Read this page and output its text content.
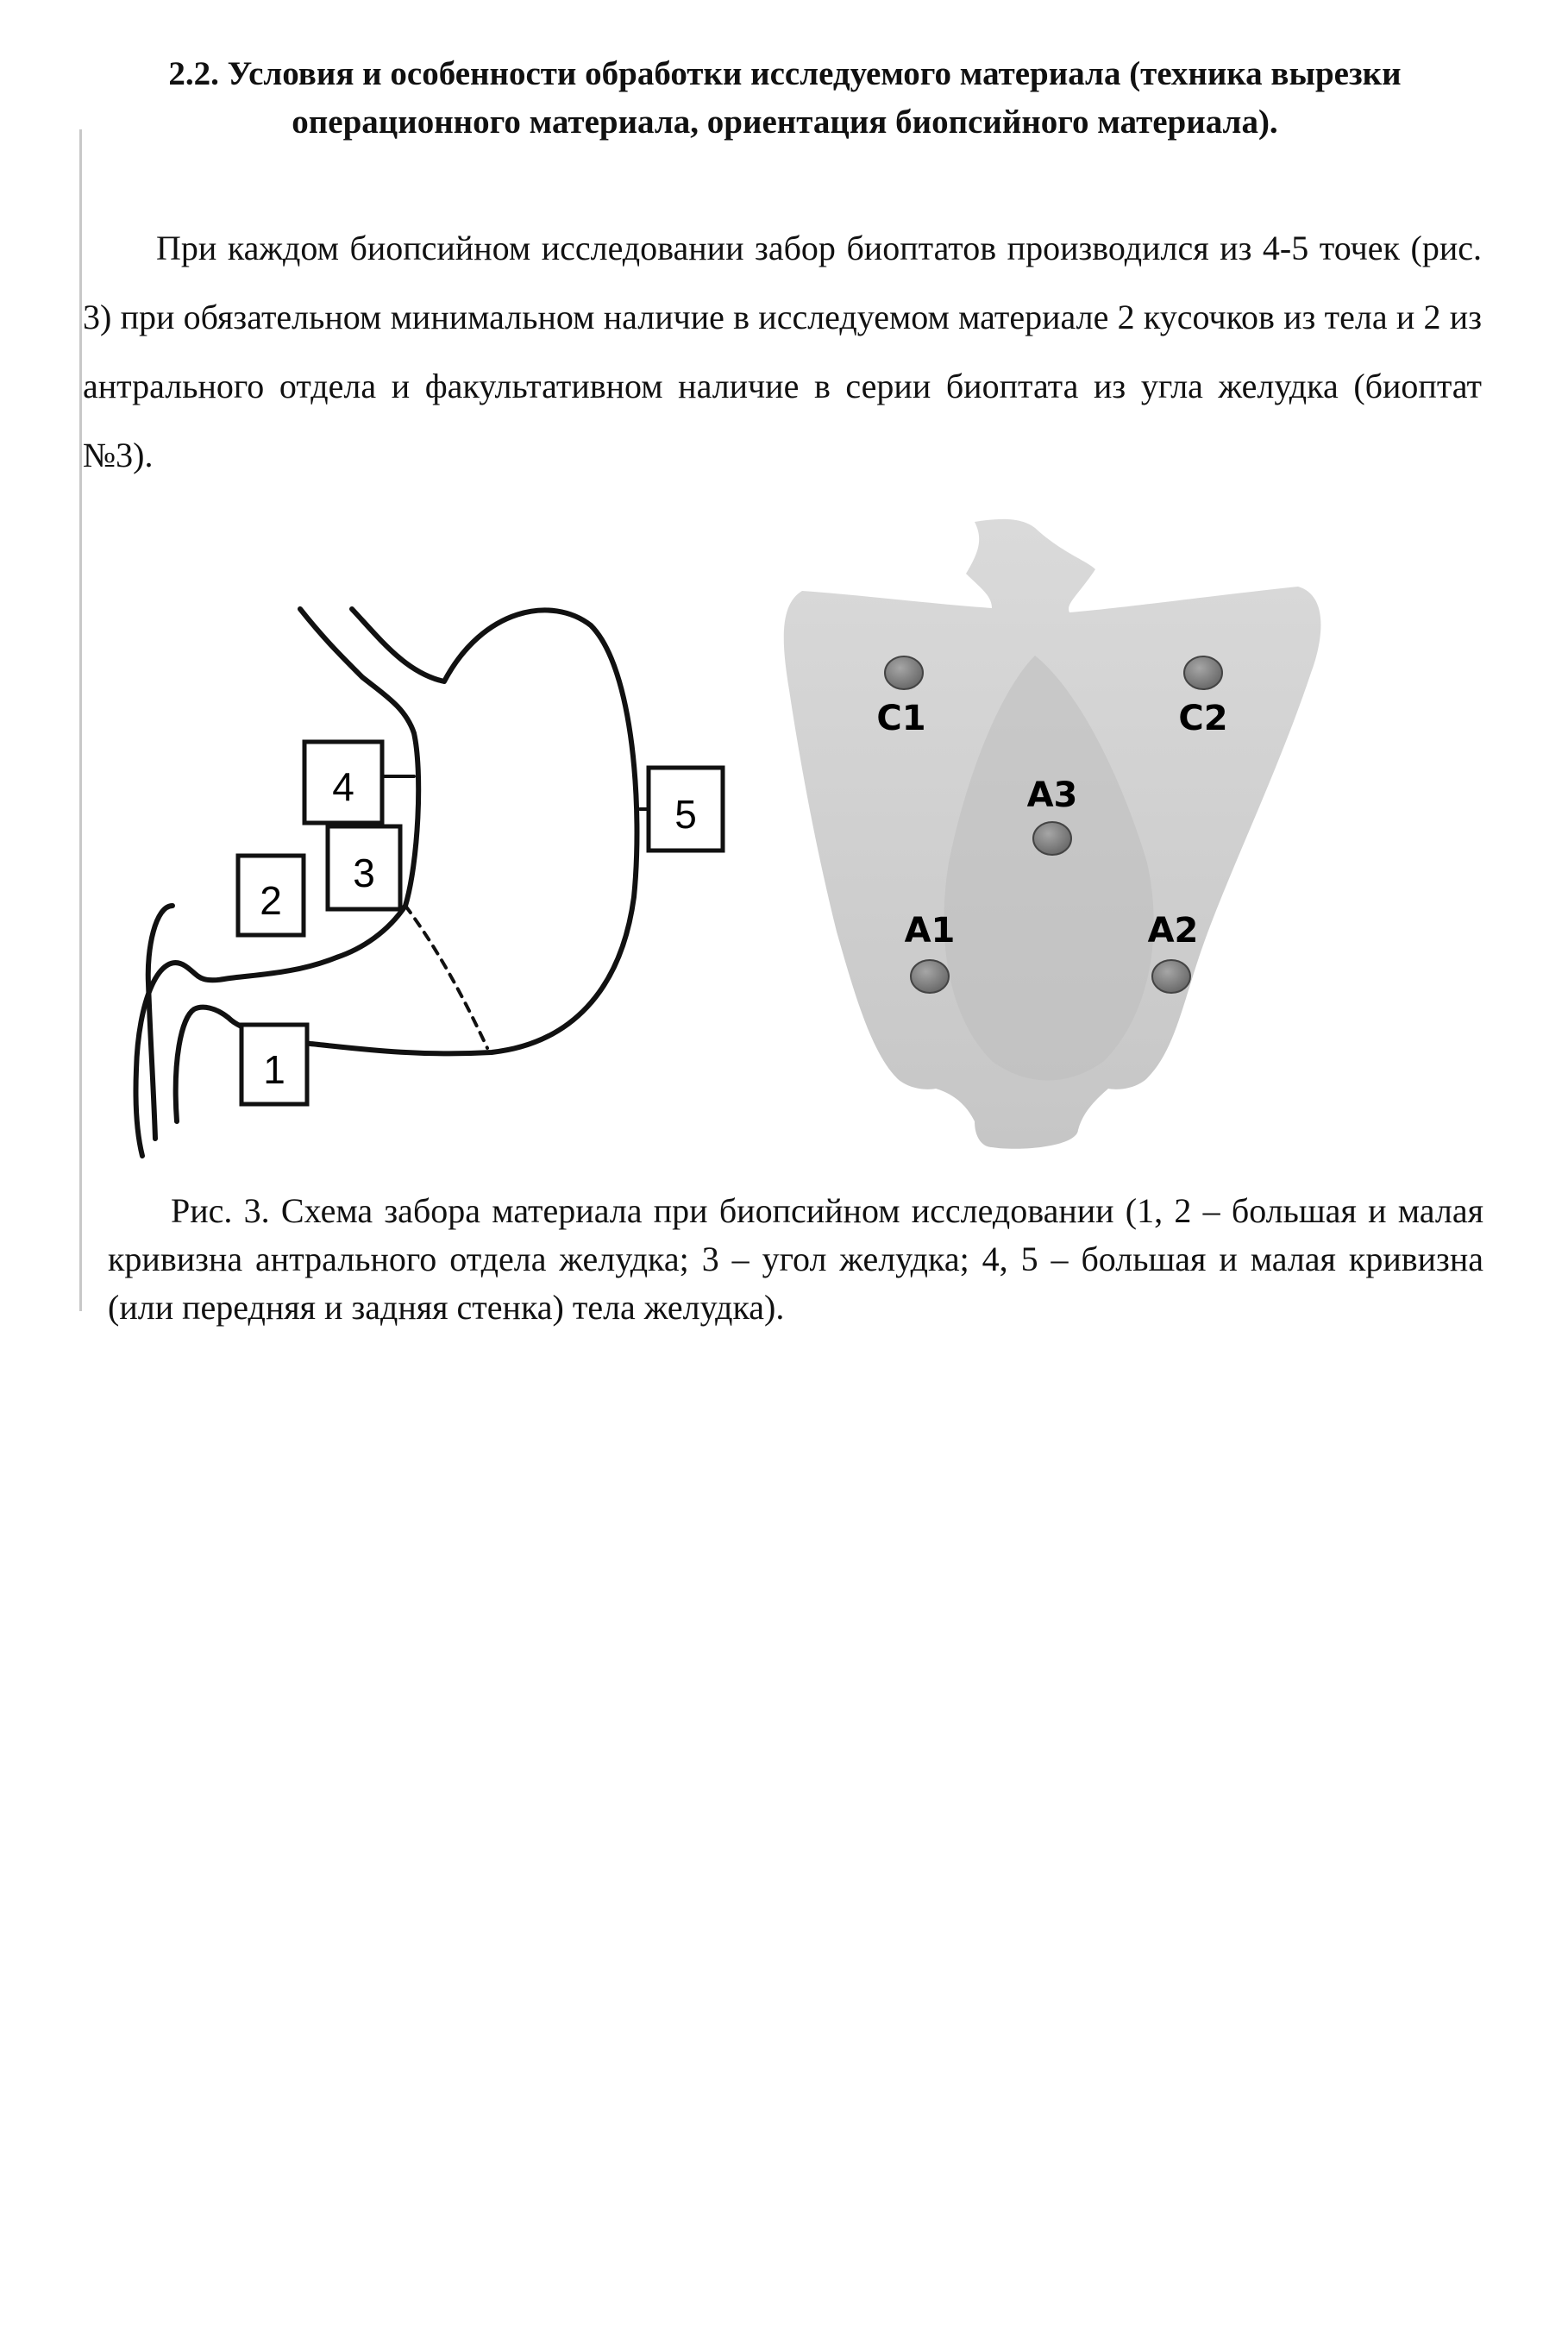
2.2. Условия и особенности обработки исследуемого материала (техника вырезки операционного материала, ориентация биопсийного материала).

При каждом биопсийном исследовании забор биоптатов производился из 4-5 точек (рис. 3) при обязательном минимальном наличие в исследуемом материале 2 кусочков из тела и 2 из антрального отдела и факультативном наличие в серии биоптата из угла желудка (биоптат №3).

1
2
4
3
5
C1	C2
A3
A1	A2

Рис. 3. Схема забора материала при биопсийном исследовании (1, 2 – большая и малая кривизна антрального отдела желудка; 3 – угол желудка; 4, 5 – большая и малая кривизна (или передняя и задняя стенка) тела желудка).
